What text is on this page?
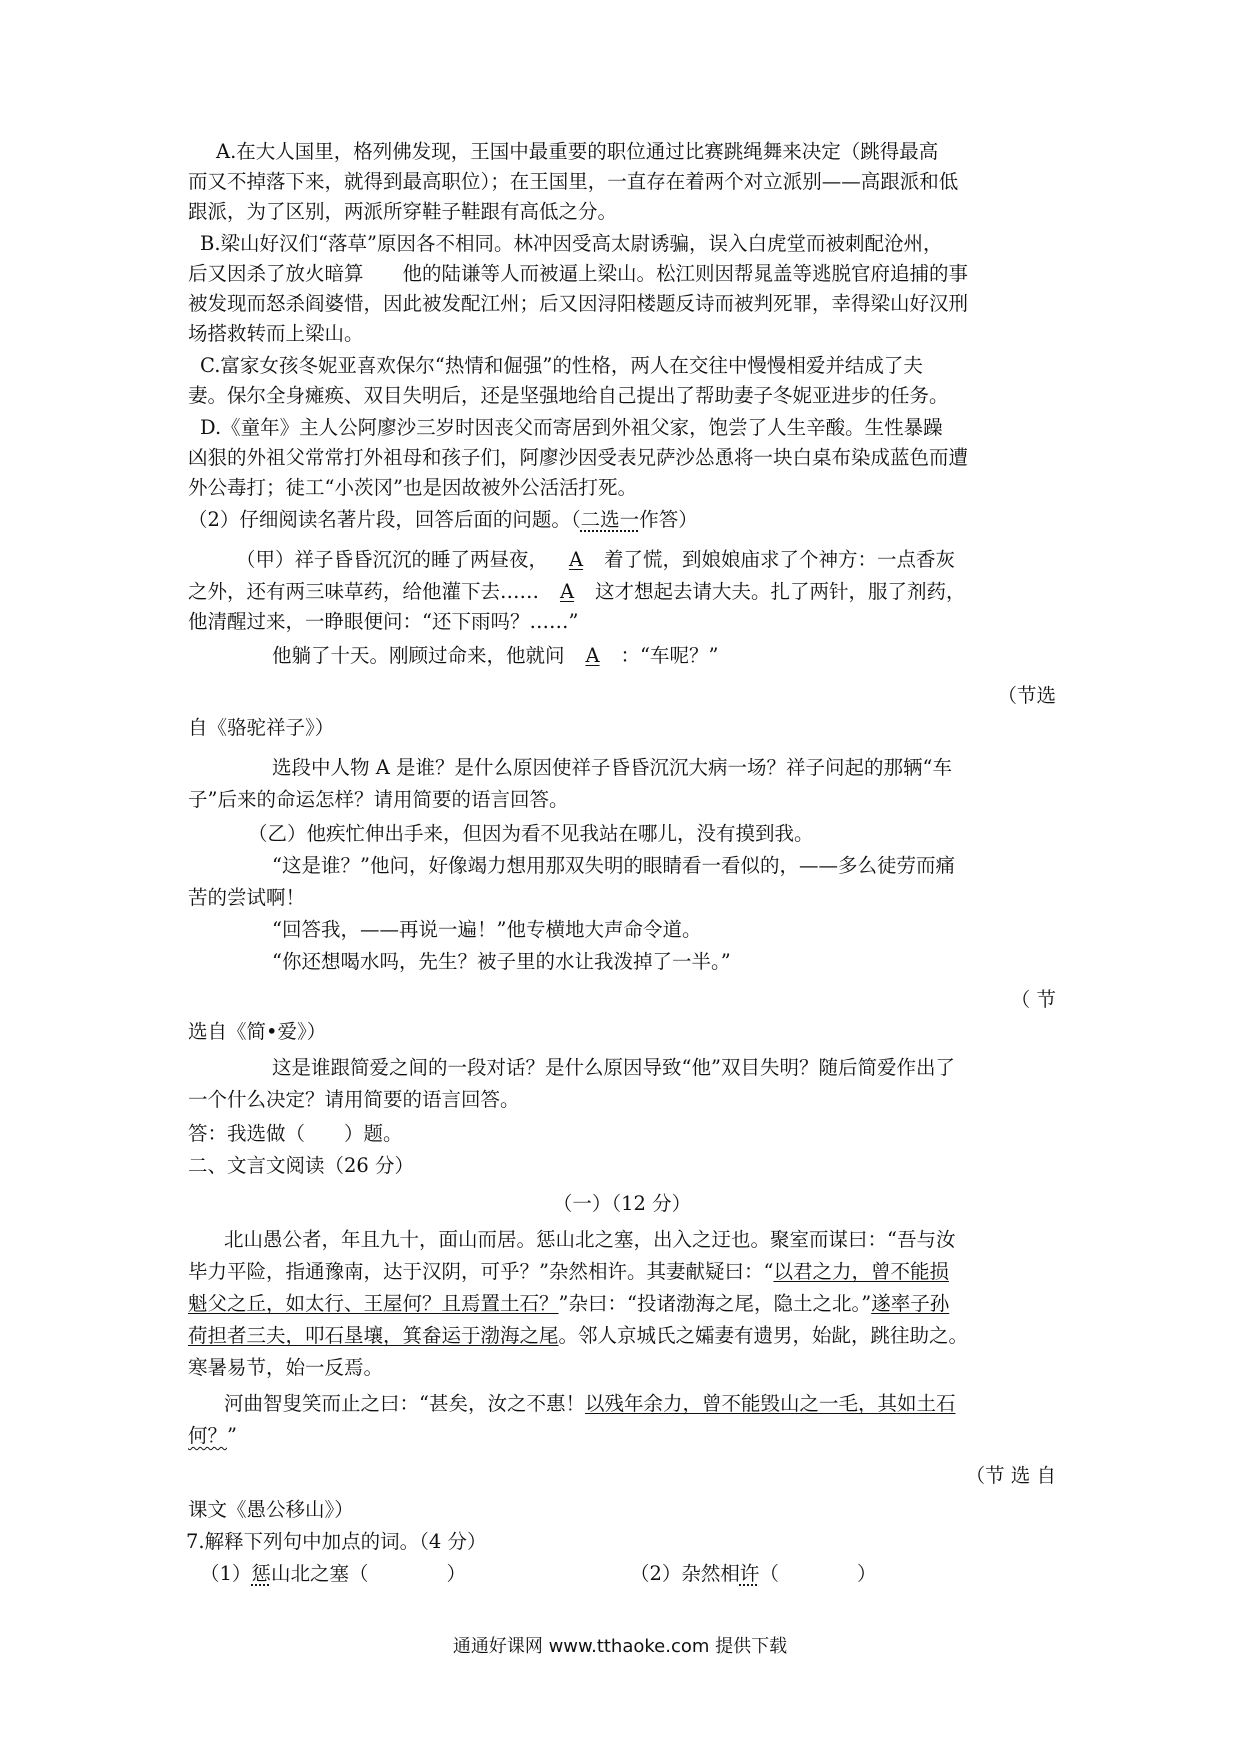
A.在大人国里，格列佛发现，王国中最重要的职位通过比赛跳绳舞来决定（跳得最高
而又不掉落下来，就得到最高职位）；在王国里，一直存在着两个对立派别——高跟派和低
跟派，为了区别，两派所穿鞋子鞋跟有高低之分。
B.梁山好汉们“落草”原因各不相同。林冲因受高太尉诱骗，误入白虎堂而被刺配沧州，
后又因杀了放火暗算　　他的陆谦等人而被逼上梁山。松江则因帮晁盖等逃脱官府追捕的事
被发现而怒杀阎婆惜，因此被发配江州；后又因浔阳楼题反诗而被判死罪，幸得梁山好汉刑
场搭救转而上梁山。
C.富家女孩冬妮亚喜欢保尔“热情和倔强”的性格，两人在交往中慢慢相爱并结成了夫
妻。保尔全身瘫痪、双目失明后，还是坚强地给自己提出了帮助妻子冬妮亚进步的任务。
D.《童年》主人公阿廖沙三岁时因丧父而寄居到外祖父家，饱尝了人生辛酸。生性暴躁
凶狠的外祖父常常打外祖母和孩子们，阿廖沙因受表兄萨沙怂恿将一块白桌布染成蓝色而遭
外公毒打；徒工“小茨冈”也是因故被外公活活打死。
（2）仔细阅读名著片段，回答后面的问题。（二选一作答）
（甲）祥子昏昏沉沉的睡了两昼夜， A 着了慌，到娘娘庙求了个神方：一点香灰
之外，还有两三味草药，给他灌下去…… A 这才想起去请大夫。扎了两针，服了剂药，
他清醒过来，一睁眼便问：“还下雨吗？……”
他躺了十天。刚顾过命来，他就问 A ：“车呢？”
（节选
自《骆驼祥子》）
选段中人物 A 是谁？是什么原因使祥子昏昏沉沉大病一场？祥子问起的那辆“车
子”后来的命运怎样？请用简要的语言回答。
（乙）他疾忙伸出手来，但因为看不见我站在哪儿，没有摸到我。
“这是谁？”他问，好像竭力想用那双失明的眼睛看一看似的，——多么徒劳而痛
苦的尝试啊！
“回答我，——再说一遍！”他专横地大声命令道。
“你还想喝水吗，先生？被子里的水让我泼掉了一半。”
（ 节
选自《简•爱》）
这是谁跟简爱之间的一段对话？是什么原因导致“他”双目失明？随后简爱作出了
一个什么决定？请用简要的语言回答。
答：我选做（　　）题。
二、文言文阅读（26 分）
（一）（12 分）
北山愚公者，年且九十，面山而居。惩山北之塞，出入之迂也。聚室而谋曰：“吾与汝
毕力平险，指通豫南，达于汉阴，可乎？”杂然相许。其妻献疑曰：“以君之力，曾不能损
魁父之丘，如太行、王屋何？且焉置土石？”杂曰：“投诸渤海之尾，隐土之北。”遂率子孙
荷担者三夫，叩石垦壤，箕畚运于渤海之尾。邻人京城氏之孀妻有遗男，始龀，跳往助之。
寒暑易节，始一反焉。
河曲智叟笑而止之曰：“甚矣，汝之不惠！以残年余力，曾不能毁山之一毛，其如土石
何？”
（节 选 自
课文《愚公移山》）
7.解释下列句中加点的词。（4 分）
（1）惩山北之塞（　　　　）	（2）杂然相许（　　　　）
通通好课网 www.tthaoke.com 提供下载
